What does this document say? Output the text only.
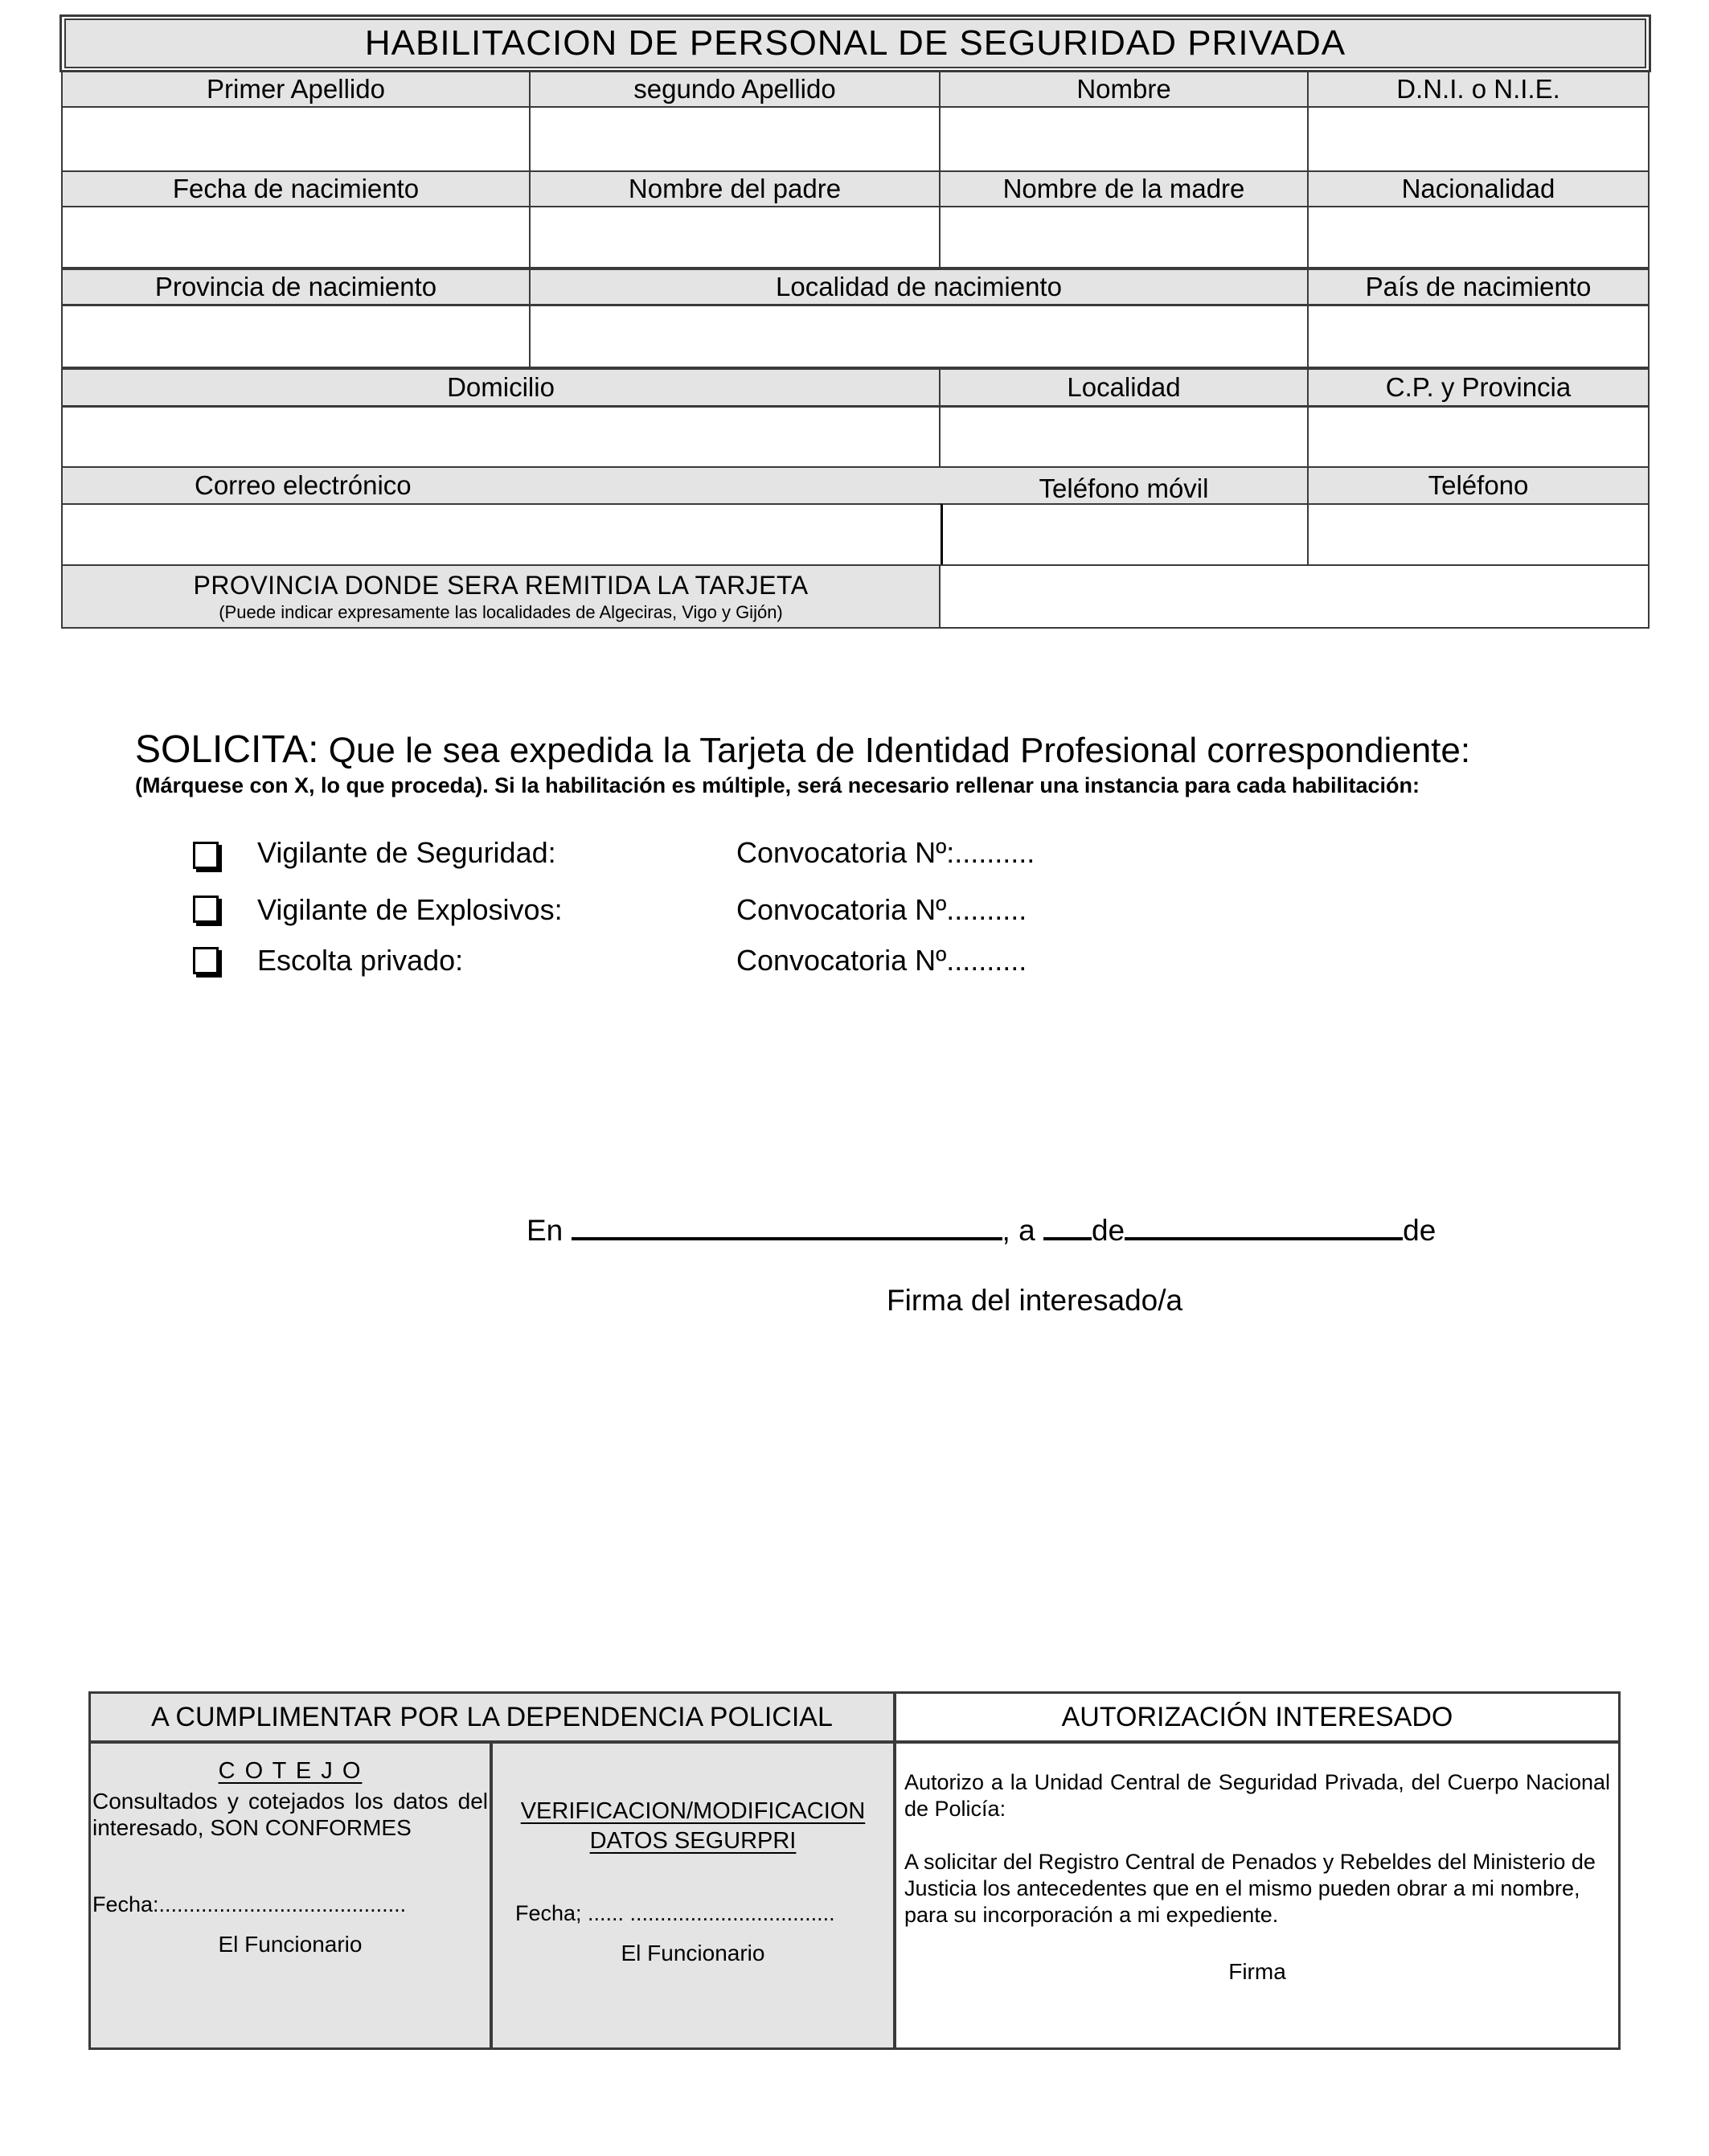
HABILITACION DE PERSONAL DE SEGURIDAD PRIVADA
Primer Apellido	segundo Apellido	Nombre	D.N.I. o N.I.E.
Fecha de nacimiento	Nombre del padre	Nombre de la madre	Nacionalidad
Provincia de nacimiento	Localidad de nacimiento	País de nacimiento
Domicilio	Localidad	C.P. y Provincia
Correo electrónico	Teléfono móvil	Teléfono
PROVINCIA DONDE SERA REMITIDA LA TARJETA
(Puede indicar expresamente las localidades de Algeciras, Vigo y Gijón)
SOLICITA: Que le sea expedida la Tarjeta de Identidad Profesional correspondiente:
(Márquese con X, lo que proceda). Si la habilitación es múltiple, será necesario rellenar una instancia para cada habilitación:
Vigilante de Seguridad:	Convocatoria Nº:..........
Vigilante de Explosivos:	Convocatoria Nº..........
Escolta privado:	Convocatoria Nº..........
En	, a de	de
Firma del interesado/a
A CUMPLIMENTAR POR LA DEPENDENCIA POLICIAL	AUTORIZACIÓN INTERESADO
C O T E J O
Consultados y cotejados los datos del interesado, SON CONFORMES
Fecha:.........................................
El Funcionario
VERIFICACION/MODIFICACION
DATOS SEGURPRI
Fecha; ...... ..................................
El Funcionario
Autorizo a la Unidad Central de Seguridad Privada, del Cuerpo Nacional de Policía:
A solicitar del Registro Central de Penados y Rebeldes del Ministerio de Justicia los antecedentes que en el mismo pueden obrar a mi nombre, para su incorporación a mi expediente.
Firma
